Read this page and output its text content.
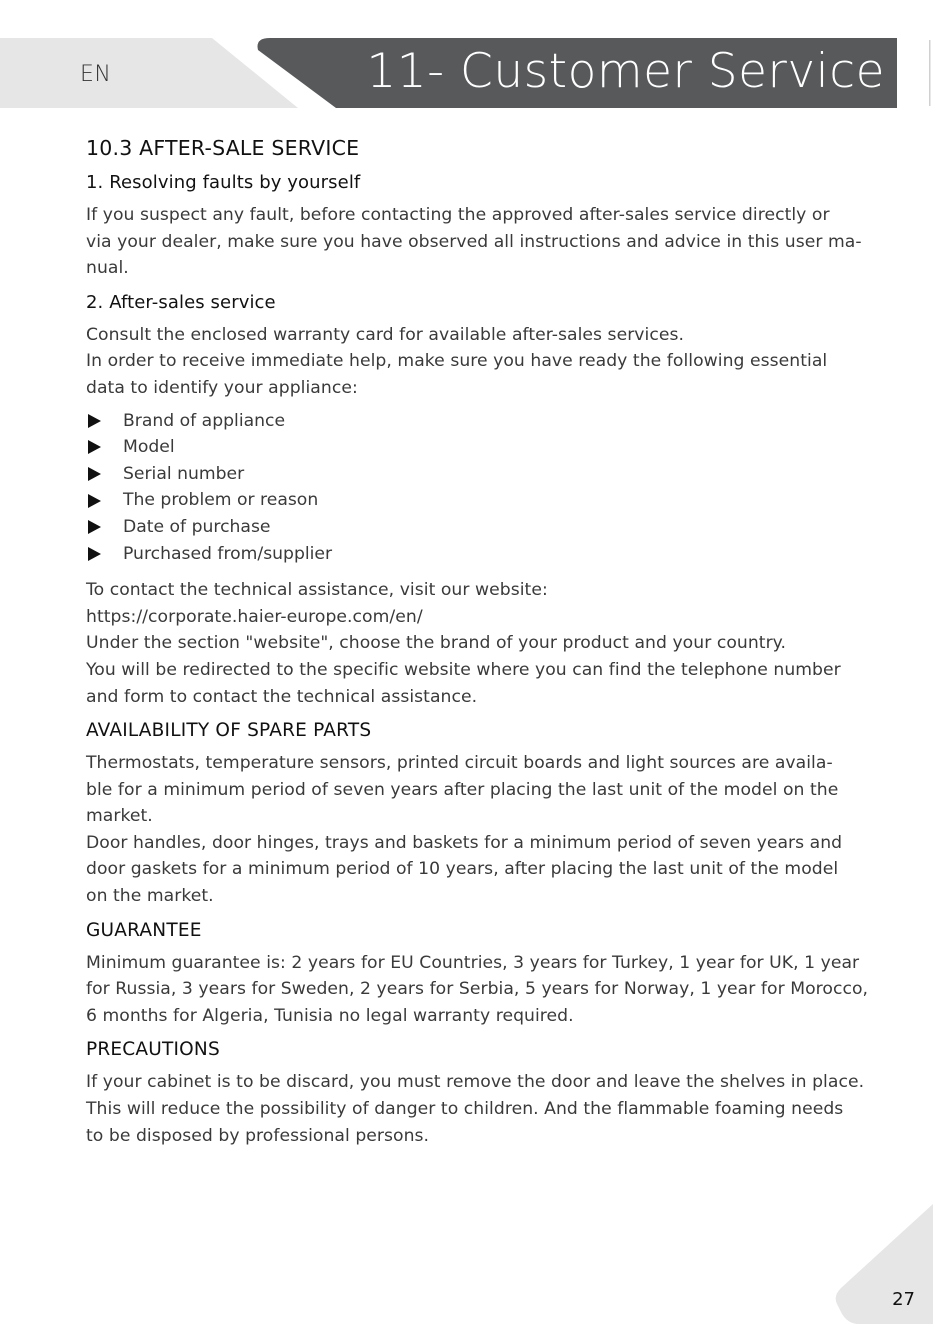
EN	11- Customer Service
10.3 AFTER-SALE SERVICE
1. Resolving faults by yourself
If you suspect any fault, before contacting the approved after-sales service directly or
via your dealer, make sure you have observed all instructions and advice in this user ma-
nual.
2. After-sales service
Consult the enclosed warranty card for available after-sales services.
In order to receive immediate help, make sure you have ready the following essential
data to identify your appliance:
Brand of appliance
Model
Serial number
The problem or reason
Date of purchase
Purchased from/supplier
To contact the technical assistance, visit our website:
https://corporate.haier-europe.com/en/
Under the section "website", choose the brand of your product and your country.
You will be redirected to the specific website where you can find the telephone number
and form to contact the technical assistance.
AVAILABILITY OF SPARE PARTS
Thermostats, temperature sensors, printed circuit boards and light sources are availa-
ble for a minimum period of seven years after placing the last unit of the model on the
market.
Door handles, door hinges, trays and baskets for a minimum period of seven years and
door gaskets for a minimum period of 10 years, after placing the last unit of the model
on the market.
GUARANTEE
Minimum guarantee is: 2 years for EU Countries, 3 years for Turkey, 1 year for UK, 1 year
for Russia, 3 years for Sweden, 2 years for Serbia, 5 years for Norway, 1 year for Morocco,
6 months for Algeria, Tunisia no legal warranty required.
PRECAUTIONS
If your cabinet is to be discard, you must remove the door and leave the shelves in place.
This will reduce the possibility of danger to children. And the flammable foaming needs
to be disposed by professional persons.
27
